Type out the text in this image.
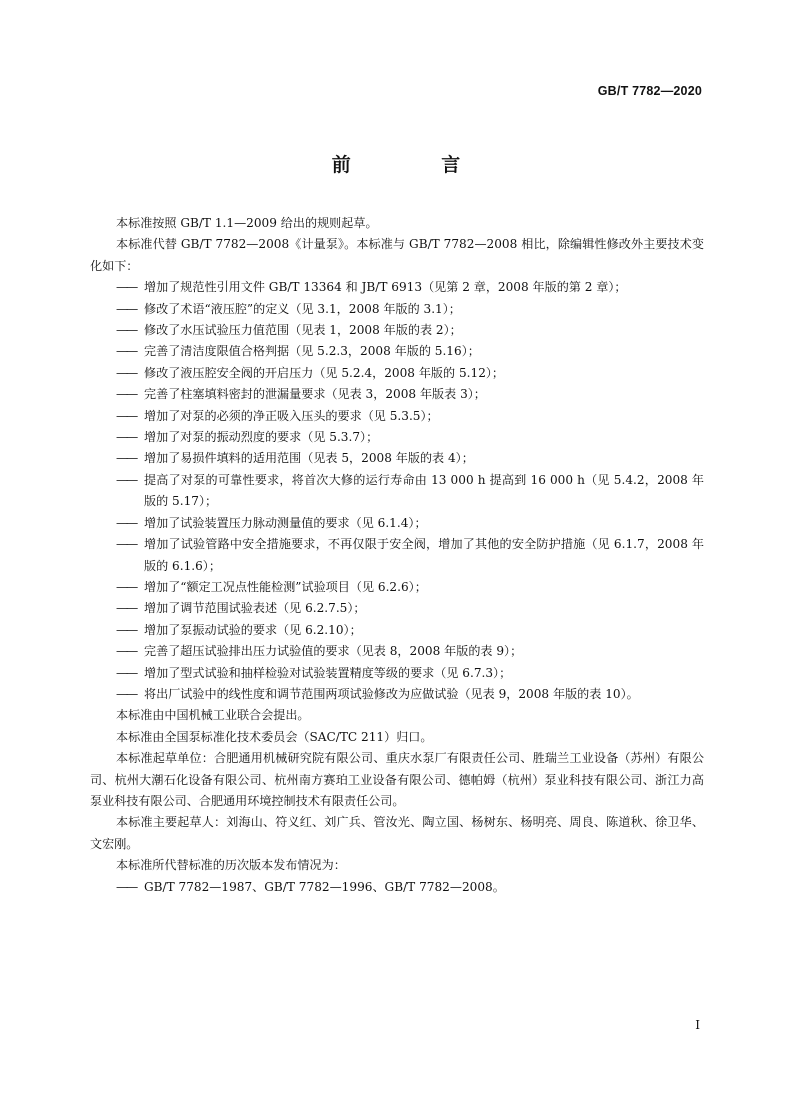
GB/T 7782—2020
前 言

本标准按照 GB/T 1.1—2009 给出的规则起草。

本标准代替 GB/T 7782—2008《计量泵》。本标准与 GB/T 7782—2008 相比，除编辑性修改外主要技术变化如下：

—— 增加了规范性引用文件 GB/T 13364 和 JB/T 6913（见第 2 章，2008 年版的第 2 章）；

—— 修改了术语“液压腔”的定义（见 3.1，2008 年版的 3.1）；

—— 修改了水压试验压力值范围（见表 1，2008 年版的表 2）；

—— 完善了清洁度限值合格判据（见 5.2.3，2008 年版的 5.16）；

—— 修改了液压腔安全阀的开启压力（见 5.2.4，2008 年版的 5.12）；

—— 完善了柱塞填料密封的泄漏量要求（见表 3，2008 年版表 3）；

—— 增加了对泵的必须的净正吸入压头的要求（见 5.3.5）；

—— 增加了对泵的振动烈度的要求（见 5.3.7）；

—— 增加了易损件填料的适用范围（见表 5，2008 年版的表 4）；

—— 提高了对泵的可靠性要求，将首次大修的运行寿命由 13 000 h 提高到 16 000 h（见 5.4.2，2008 年版的 5.17）；

—— 增加了试验装置压力脉动测量值的要求（见 6.1.4）；

—— 增加了试验管路中安全措施要求，不再仅限于安全阀，增加了其他的安全防护措施（见 6.1.7，2008 年版的 6.1.6）；

—— 增加了“额定工况点性能检测”试验项目（见 6.2.6）；

—— 增加了调节范围试验表述（见 6.2.7.5）；

—— 增加了泵振动试验的要求（见 6.2.10）；

—— 完善了超压试验排出压力试验值的要求（见表 8，2008 年版的表 9）；

—— 增加了型式试验和抽样检验对试验装置精度等级的要求（见 6.7.3）；

—— 将出厂试验中的线性度和调节范围两项试验修改为应做试验（见表 9，2008 年版的表 10）。

本标准由中国机械工业联合会提出。

本标准由全国泵标准化技术委员会（SAC/TC 211）归口。

本标准起草单位：合肥通用机械研究院有限公司、重庆水泵厂有限责任公司、胜瑞兰工业设备（苏州）有限公司、杭州大潮石化设备有限公司、杭州南方赛珀工业设备有限公司、德帕姆（杭州）泵业科技有限公司、浙江力高泵业科技有限公司、合肥通用环境控制技术有限责任公司。

本标准主要起草人：刘海山、符义红、刘广兵、管汝光、陶立国、杨树东、杨明亮、周良、陈道秋、徐卫华、文宏刚。

本标准所代替标准的历次版本发布情况为：

—— GB/T 7782—1987、GB/T 7782—1996、GB/T 7782—2008。

I
